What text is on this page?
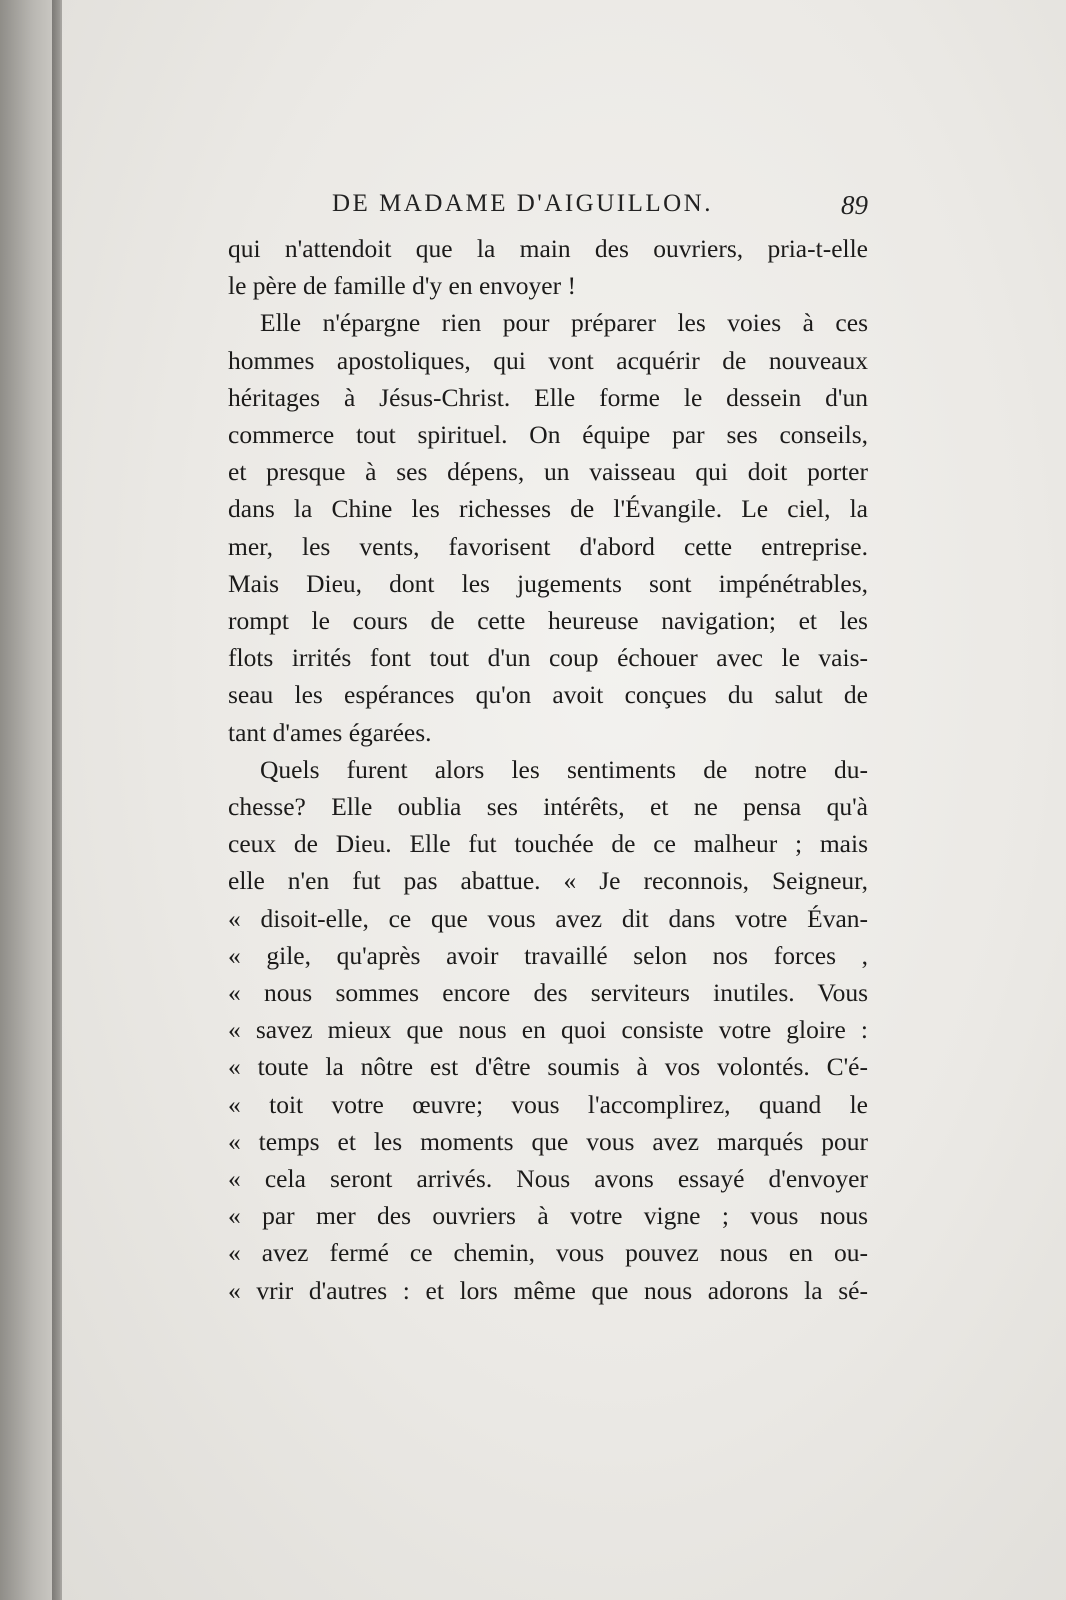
DE MADAME D'AIGUILLON.	89

qui n'attendoit que la main des ouvriers, pria-t-elle
le père de famille d'y en envoyer !

Elle n'épargne rien pour préparer les voies à ces
hommes apostoliques, qui vont acquérir de nouveaux
héritages à Jésus-Christ. Elle forme le dessein d'un
commerce tout spirituel. On équipe par ses conseils,
et presque à ses dépens, un vaisseau qui doit porter
dans la Chine les richesses de l'Évangile. Le ciel, la
mer, les vents, favorisent d'abord cette entreprise.
Mais Dieu, dont les jugements sont impénétrables,
rompt le cours de cette heureuse navigation; et les
flots irrités font tout d'un coup échouer avec le vais-
seau les espérances qu'on avoit conçues du salut de
tant d'ames égarées.

Quels furent alors les sentiments de notre du-
chesse? Elle oublia ses intérêts, et ne pensa qu'à
ceux de Dieu. Elle fut touchée de ce malheur ; mais
elle n'en fut pas abattue. « Je reconnois, Seigneur,
« disoit-elle, ce que vous avez dit dans votre Évan-
« gile, qu'après avoir travaillé selon nos forces ,
« nous sommes encore des serviteurs inutiles. Vous
« savez mieux que nous en quoi consiste votre gloire :
« toute la nôtre est d'être soumis à vos volontés. C'é-
« toit votre œuvre; vous l'accomplirez, quand le
« temps et les moments que vous avez marqués pour
« cela seront arrivés. Nous avons essayé d'envoyer
« par mer des ouvriers à votre vigne ; vous nous
« avez fermé ce chemin, vous pouvez nous en ou-
« vrir d'autres : et lors même que nous adorons la sé-
